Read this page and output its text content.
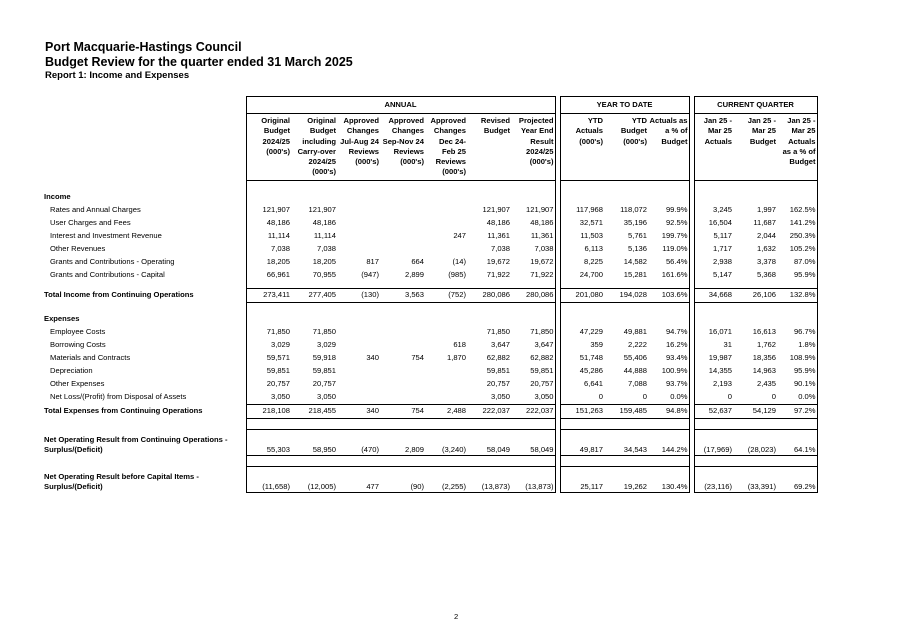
Port Macquarie-Hastings Council
Budget Review for the quarter ended 31 March 2025
Report 1: Income and Expenses
	ANNUAL								YEAR TO DATE				CURRENT QUARTER		
	Original Budget 2024/25 (000's)	Original Budget including Carry-over 2024/25 (000's)	Approved Changes Jul-Aug 24 Reviews (000's)	Approved Changes Sep-Nov 24 Reviews (000's)	Approved Changes Dec 24- Feb 25 Reviews (000's)	Revised Budget	Projected Year End Result 2024/25 (000's)		YTD Actuals (000's)	YTD Budget (000's)	Actuals as a % of Budget		Jan 25 - Mar 25 Actuals	Jan 25 - Mar 25 Budget	Jan 25 - Mar 25 Actuals as a % of Budget

Income															
Rates and Annual Charges	121,907	121,907				121,907	121,907		117,968	118,072	99.9%		3,245	1,997	162.5%
User Charges and Fees	48,186	48,186				48,186	48,186		32,571	35,196	92.5%		16,504	11,687	141.2%
Interest and Investment Revenue	11,114	11,114			247	11,361	11,361		11,503	5,761	199.7%		5,117	2,044	250.3%
Other Revenues	7,038	7,038				7,038	7,038		6,113	5,136	119.0%		1,717	1,632	105.2%
Grants and Contributions - Operating	18,205	18,205	817	664	(14)	19,672	19,672		8,225	14,582	56.4%		2,938	3,378	87.0%
Grants and Contributions - Capital	66,961	70,955	(947)	2,899	(985)	71,922	71,922		24,700	15,281	161.6%		5,147	5,368	95.9%

Total Income from Continuing Operations	273,411	277,405	(130)	3,563	(752)	280,086	280,086		201,080	194,028	103.6%		34,668	26,106	132.8%

Expenses															
Employee Costs	71,850	71,850				71,850	71,850		47,229	49,881	94.7%		16,071	16,613	96.7%
Borrowing Costs	3,029	3,029			618	3,647	3,647		359	2,222	16.2%		31	1,762	1.8%
Materials and Contracts	59,571	59,918	340	754	1,870	62,882	62,882		51,748	55,406	93.4%		19,987	18,356	108.9%
Depreciation	59,851	59,851				59,851	59,851		45,286	44,888	100.9%		14,355	14,963	95.9%
Other Expenses	20,757	20,757				20,757	20,757		6,641	7,088	93.7%		2,193	2,435	90.1%
Net Loss/(Profit) from Disposal of Assets	3,050	3,050				3,050	3,050		0	0	0.0%		0	0	0.0%
Total Expenses from Continuing Operations	218,108	218,455	340	754	2,488	222,037	222,037		151,263	159,485	94.8%		52,637	54,129	97.2%

Net Operating Result from Continuing Operations -
Surplus/(Deficit)	55,303	58,950	(470)	2,809	(3,240)	58,049	58,049		49,817	34,543	144.2%		(17,969)	(28,023)	64.1%

Net Operating Result before Capital Items -
Surplus/(Deficit)	(11,658)	(12,005)	477	(90)	(2,255)	(13,873)	(13,873)		25,117	19,262	130.4%		(23,116)	(33,391)	69.2%
2
